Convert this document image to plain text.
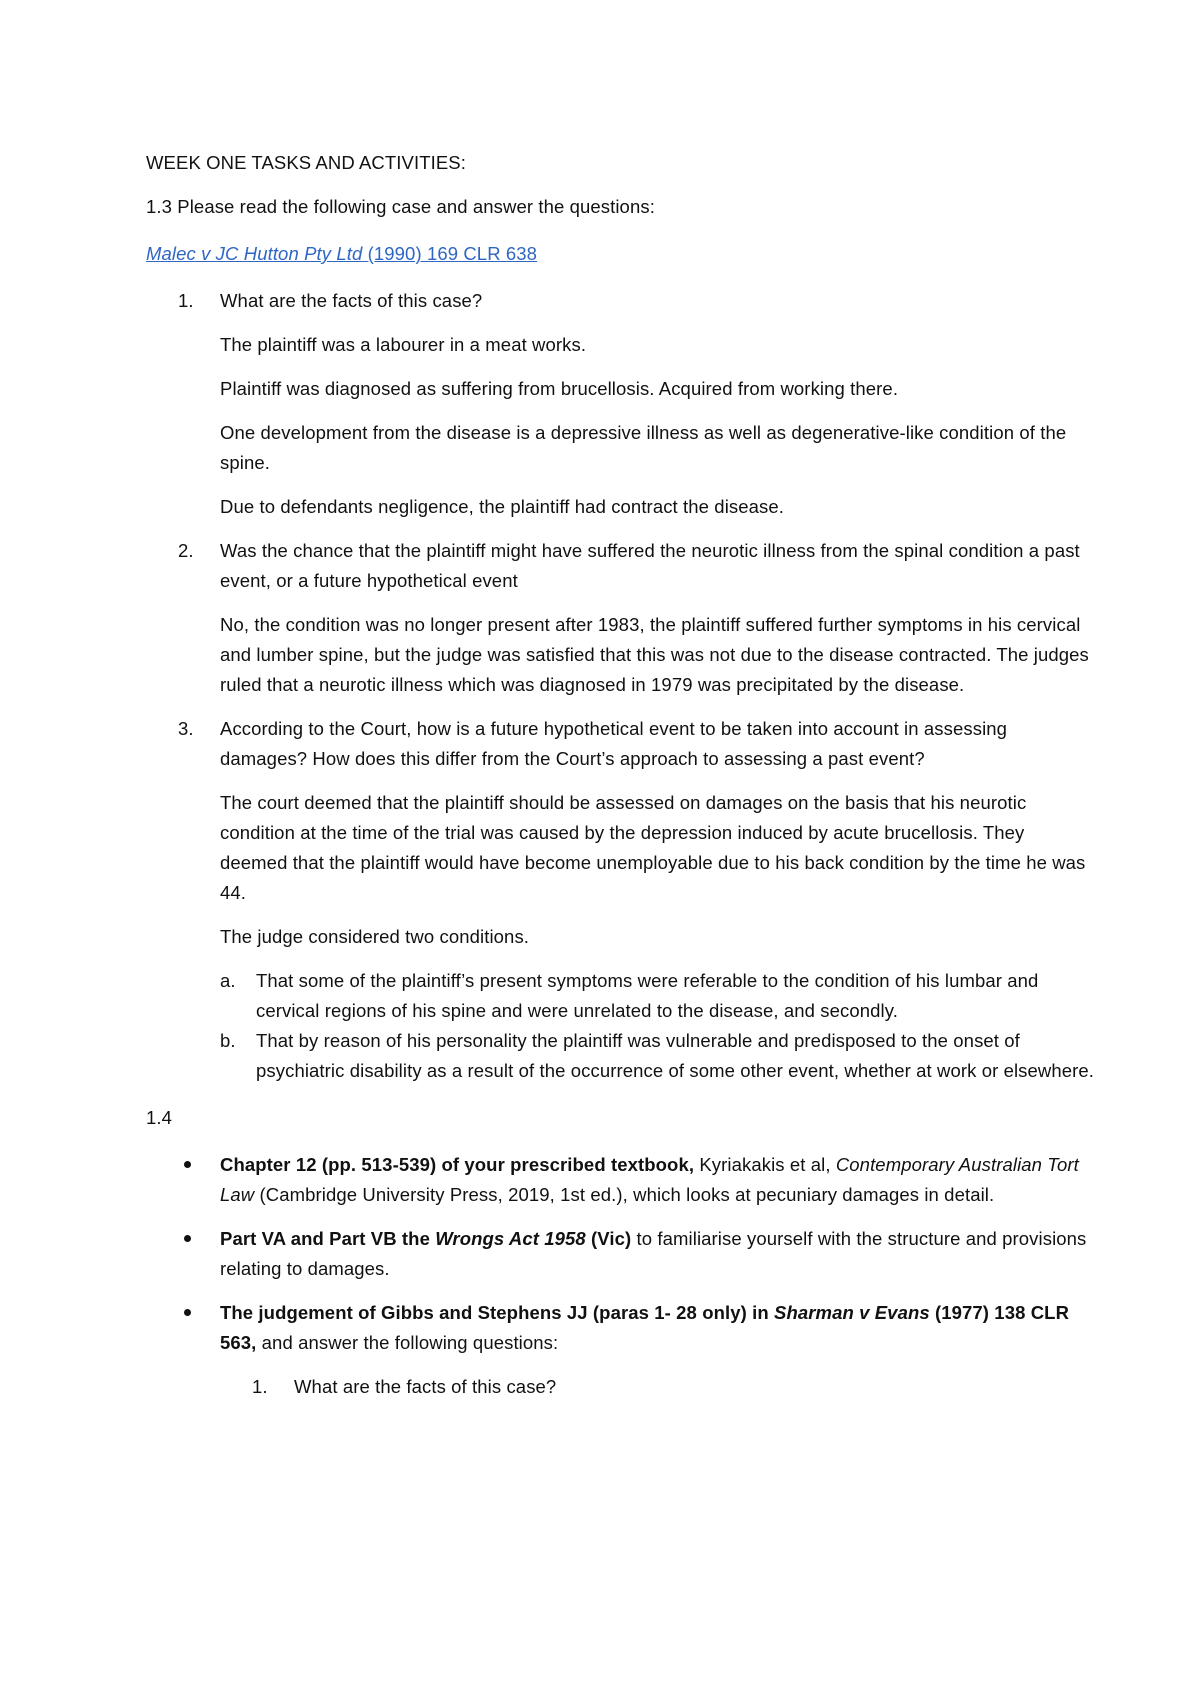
WEEK ONE TASKS AND ACTIVITIES:

1.3 Please read the following case and answer the questions:

Malec v JC Hutton Pty Ltd (1990) 169 CLR 638

1. What are the facts of this case?

The plaintiff was a labourer in a meat works.

Plaintiff was diagnosed as suffering from brucellosis. Acquired from working there.

One development from the disease is a depressive illness as well as degenerative-like condition of the spine.

Due to defendants negligence, the plaintiff had contract the disease.

2. Was the chance that the plaintiff might have suffered the neurotic illness from the spinal condition a past event, or a future hypothetical event

No, the condition was no longer present after 1983, the plaintiff suffered further symptoms in his cervical and lumber spine, but the judge was satisfied that this was not due to the disease contracted. The judges ruled that a neurotic illness which was diagnosed in 1979 was precipitated by the disease.

3. According to the Court, how is a future hypothetical event to be taken into account in assessing damages? How does this differ from the Court’s approach to assessing a past event?

The court deemed that the plaintiff should be assessed on damages on the basis that his neurotic condition at the time of the trial was caused by the depression induced by acute brucellosis. They deemed that the plaintiff would have become unemployable due to his back condition by the time he was 44.

The judge considered two conditions.

a. That some of the plaintiff’s present symptoms were referable to the condition of his lumbar and cervical regions of his spine and were unrelated to the disease, and secondly.

b. That by reason of his personality the plaintiff was vulnerable and predisposed to the onset of psychiatric disability as a result of the occurrence of some other event, whether at work or elsewhere.

1.4

Chapter 12 (pp. 513-539) of your prescribed textbook, Kyriakakis et al, Contemporary Australian Tort Law (Cambridge University Press, 2019, 1st ed.), which looks at pecuniary damages in detail.

Part VA and Part VB the Wrongs Act 1958 (Vic) to familiarise yourself with the structure and provisions relating to damages.

The judgement of Gibbs and Stephens JJ (paras 1- 28 only) in Sharman v Evans (1977) 138 CLR 563, and answer the following questions:

1. What are the facts of this case?
